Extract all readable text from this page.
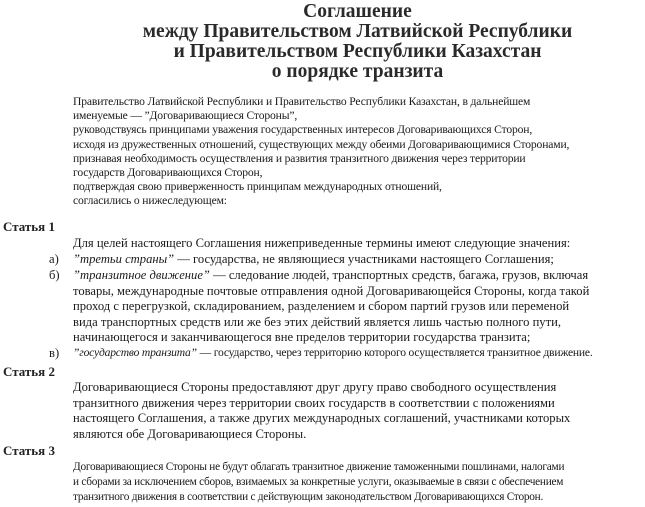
Соглашение
между Правительством Латвийской Республики
и Правительством Республики Казахстан
о порядке транзита
Правительство Латвийской Республики и Правительство Республики Казахстан, в дальнейшем
именуемые — ”Договаривающиеся Стороны”,
руководствуясь принципами уважения государственных интересов Договаривающихся Сторон,
исходя из дружественных отношений, существующих между обеими Договаривающимися Сторонами,
признавая необходимость осуществления и развития транзитного движения через территории
государств Договаривающихся Сторон,
подтверждая свою приверженность принципам международных отношений,
согласились о нижеследующем:
Статья 1
Для целей настоящего Соглашения нижеприведенные термины имеют следующие значения:
а) ”третьи страны” — государства, не являющиеся участниками настоящего Соглашения;
б) ”транзитное движение” — следование людей, транспортных средств, багажа, грузов, включая
товары, международные почтовые отправления одной Договаривающейся Стороны, когда такой
проход с перегрузкой, складированием, разделением и сбором партий грузов или переменой
вида транспортных средств или же без этих действий является лишь частью полного пути,
начинающегося и заканчивающегося вне пределов территории государства транзита;
в) ”государство транзита” — государство, через территорию которого осуществляется транзитное движение.
Статья 2
Договаривающиеся Стороны предоставляют друг другу право свободного осуществления
транзитного движения через территории своих государств в соответствии с положениями
настоящего Соглашения, а также других международных соглашений, участниками которых
являются обе Договаривающиеся Стороны.
Статья 3
Договаривающиеся Стороны не будут облагать транзитное движение таможенными пошлинами, налогами
и сборами за исключением сборов, взимаемых за конкретные услуги, оказываемые в связи с обеспечением
транзитного движения в соответствии с действующим законодательством Договаривающихся Сторон.
